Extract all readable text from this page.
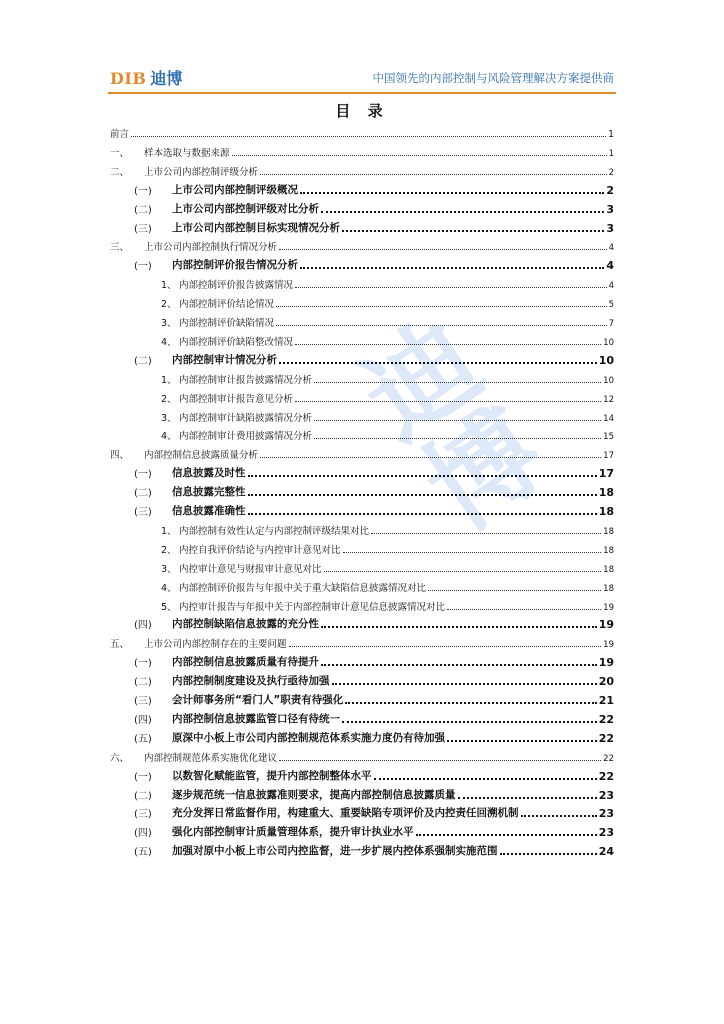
DIB 迪博	中国领先的内部控制与风险管理解决方案提供商
迪
博
目 录
前言	1
一、	样本选取与数据来源	1
二、	上市公司内部控制评级分析	2
(一)	上市公司内部控制评级概况	2
(二)	上市公司内部控制评级对比分析	3
(三)	上市公司内部控制目标实现情况分析	3
三、	上市公司内部控制执行情况分析	4
(一)	内部控制评价报告情况分析	4
1、 内部控制评价报告披露情况	4
2、 内部控制评价结论情况	5
3、 内部控制评价缺陷情况	7
4、 内部控制评价缺陷整改情况	10
(二)	内部控制审计情况分析	10
1、 内部控制审计报告披露情况分析	10
2、 内部控制审计报告意见分析	12
3、 内部控制审计缺陷披露情况分析	14
4、 内部控制审计费用披露情况分析	15
四、	内部控制信息披露质量分析	17
(一)	信息披露及时性	17
(二)	信息披露完整性	18
(三)	信息披露准确性	18
1、 内部控制有效性认定与内部控制评级结果对比	18
2、 内控自我评价结论与内控审计意见对比	18
3、 内控审计意见与财报审计意见对比	18
4、 内部控制评价报告与年报中关于重大缺陷信息披露情况对比	18
5、 内控审计报告与年报中关于内部控制审计意见信息披露情况对比	19
(四)	内部控制缺陷信息披露的充分性	19
五、	上市公司内部控制存在的主要问题	19
(一)	内部控制信息披露质量有待提升	19
(二)	内部控制制度建设及执行亟待加强	20
(三)	会计师事务所“看门人”职责有待强化	21
(四)	内部控制信息披露监管口径有待统一	22
(五)	原深中小板上市公司内部控制规范体系实施力度仍有待加强	22
六、	内部控制规范体系实施优化建议	22
(一)	以数智化赋能监管，提升内部控制整体水平	22
(二)	逐步规范统一信息披露准则要求，提高内部控制信息披露质量	23
(三)	充分发挥日常监督作用，构建重大、重要缺陷专项评价及内控责任回溯机制	23
(四)	强化内部控制审计质量管理体系，提升审计执业水平	23
(五)	加强对原中小板上市公司内控监督，进一步扩展内控体系强制实施范围	24
